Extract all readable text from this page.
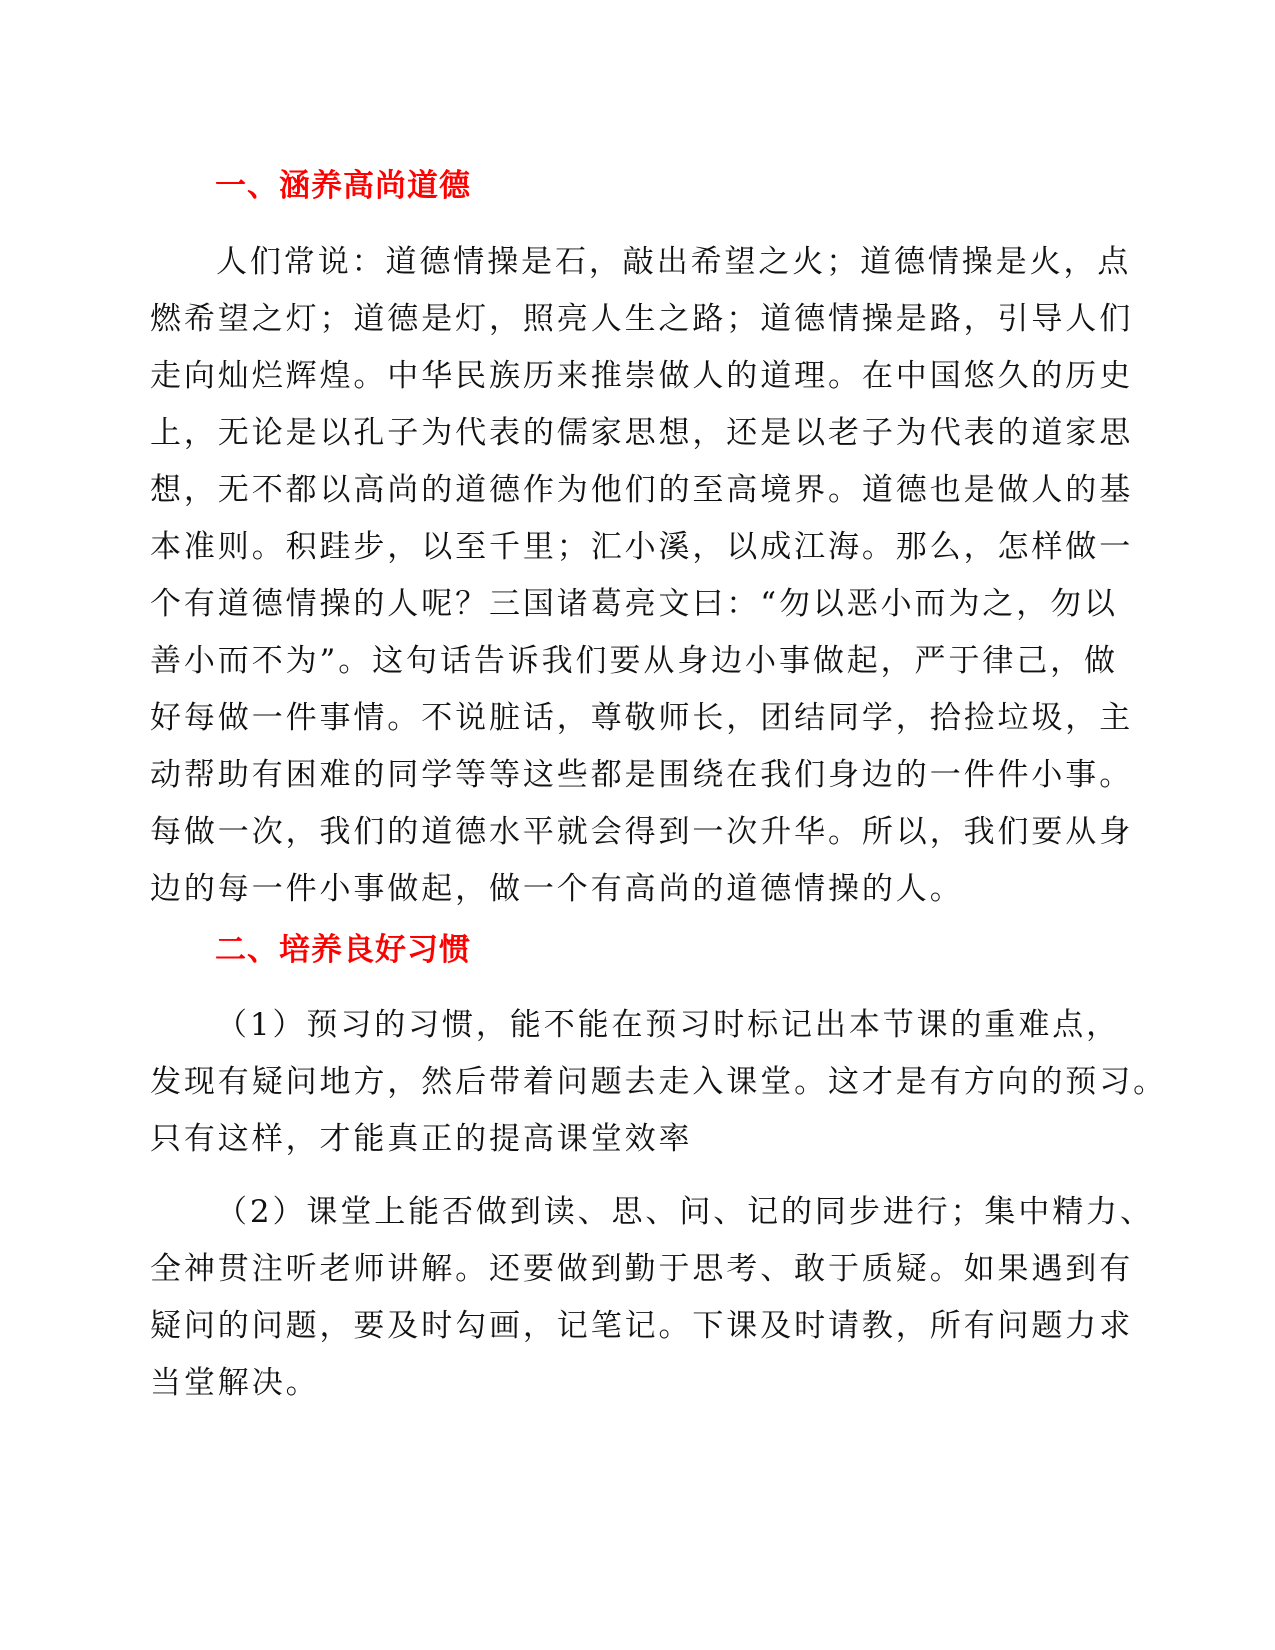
一、涵养高尚道德
人们常说：道德情操是石，敲出希望之火；道德情操是火，点
燃希望之灯；道德是灯，照亮人生之路；道德情操是路，引导人们
走向灿烂辉煌。中华民族历来推崇做人的道理。在中国悠久的历史
上，无论是以孔子为代表的儒家思想，还是以老子为代表的道家思
想，无不都以高尚的道德作为他们的至高境界。道德也是做人的基
本准则。积跬步，以至千里；汇小溪，以成江海。那么，怎样做一
个有道德情操的人呢？三国诸葛亮文曰：“勿以恶小而为之，勿以
善小而不为”。这句话告诉我们要从身边小事做起，严于律己，做
好每做一件事情。不说脏话，尊敬师长，团结同学，拾捡垃圾，主
动帮助有困难的同学等等这些都是围绕在我们身边的一件件小事。
每做一次，我们的道德水平就会得到一次升华。所以，我们要从身
边的每一件小事做起，做一个有高尚的道德情操的人。
二、培养良好习惯
（1）预习的习惯，能不能在预习时标记出本节课的重难点，
发现有疑问地方，然后带着问题去走入课堂。这才是有方向的预习。
只有这样，才能真正的提高课堂效率
（2）课堂上能否做到读、思、问、记的同步进行；集中精力、
全神贯注听老师讲解。还要做到勤于思考、敢于质疑。如果遇到有
疑问的问题，要及时勾画，记笔记。下课及时请教，所有问题力求
当堂解决。
